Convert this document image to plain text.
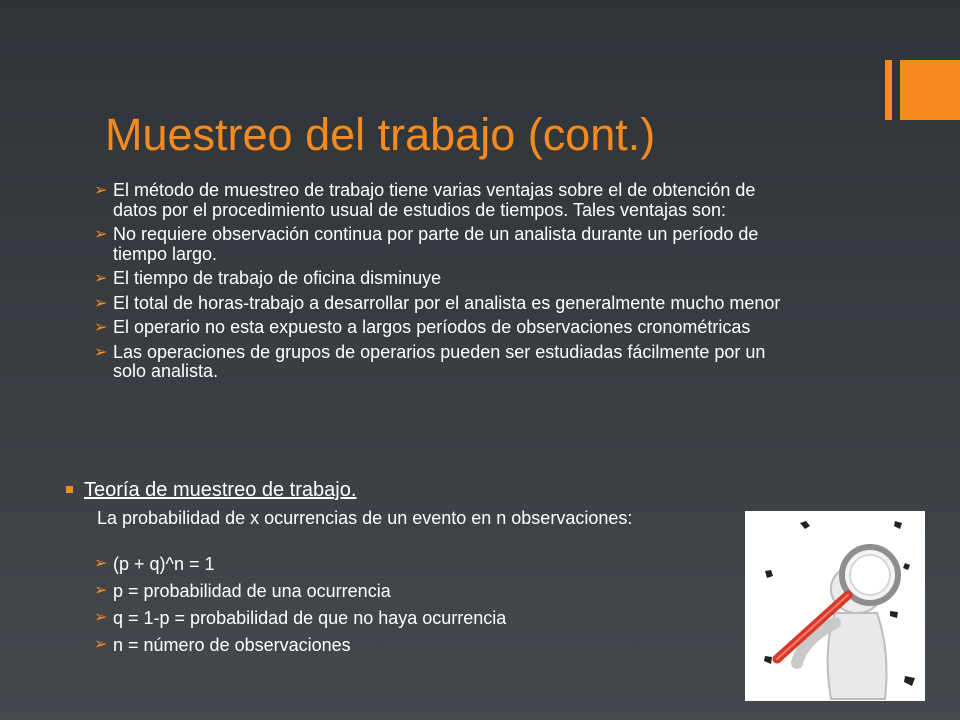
Muestreo del trabajo (cont.)
➢ El método de muestreo de trabajo tiene varias ventajas sobre el de obtención de datos por el procedimiento usual de estudios de tiempos. Tales ventajas son:
➢ No requiere observación continua por parte de un analista durante un período de tiempo largo.
➢ El tiempo de trabajo de oficina disminuye
➢ El total de horas-trabajo a desarrollar por el analista es generalmente mucho menor
➢ El operario no esta expuesto a largos períodos de observaciones cronométricas
➢ Las operaciones de grupos de operarios pueden ser estudiadas fácilmente por un solo analista.
Teoría de muestreo de trabajo.
La probabilidad de x ocurrencias de un evento en n observaciones:
➢ (p + q)^n = 1
➢ p = probabilidad de una ocurrencia
➢ q = 1-p = probabilidad de que no haya ocurrencia
➢ n = número de observaciones
